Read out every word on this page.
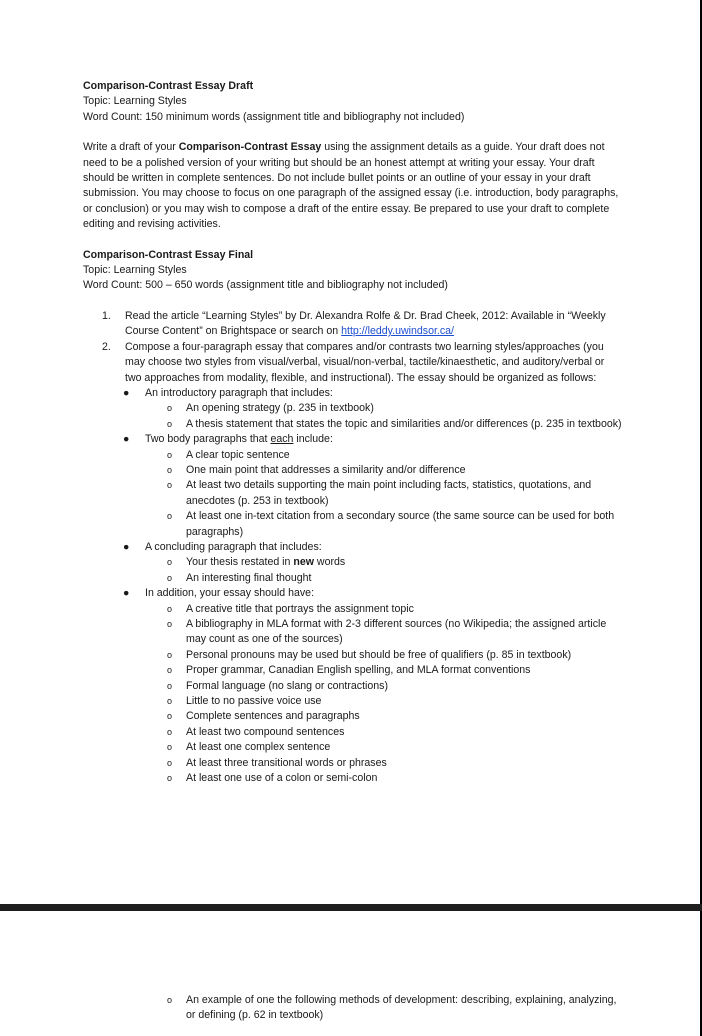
Comparison-Contrast Essay Draft
Topic: Learning Styles
Word Count: 150 minimum words (assignment title and bibliography not included)

Write a draft of your Comparison-Contrast Essay using the assignment details as a guide. Your draft does not need to be a polished version of your writing but should be an honest attempt at writing your essay. Your draft should be written in complete sentences. Do not include bullet points or an outline of your essay in your draft submission. You may choose to focus on one paragraph of the assigned essay (i.e. introduction, body paragraphs, or conclusion) or you may wish to compose a draft of the entire essay. Be prepared to use your draft to complete editing and revising activities.

Comparison-Contrast Essay Final
Topic: Learning Styles
Word Count: 500 – 650 words (assignment title and bibliography not included)
1. Read the article “Learning Styles” by Dr. Alexandra Rolfe & Dr. Brad Cheek, 2012: Available in “Weekly Course Content” on Brightspace or search on http://leddy.uwindsor.ca/
2. Compose a four-paragraph essay that compares and/or contrasts two learning styles/approaches (you may choose two styles from visual/verbal, visual/non-verbal, tactile/kinaesthetic, and auditory/verbal or two approaches from modality, flexible, and instructional). The essay should be organized as follows:
● An introductory paragraph that includes:
o An opening strategy (p. 235 in textbook)
o A thesis statement that states the topic and similarities and/or differences (p. 235 in textbook)
● Two body paragraphs that each include:
o A clear topic sentence
o One main point that addresses a similarity and/or difference
o At least two details supporting the main point including facts, statistics, quotations, and anecdotes (p. 253 in textbook)
o At least one in-text citation from a secondary source (the same source can be used for both paragraphs)
● A concluding paragraph that includes:
o Your thesis restated in new words
o An interesting final thought
● In addition, your essay should have:
o A creative title that portrays the assignment topic
o A bibliography in MLA format with 2-3 different sources (no Wikipedia; the assigned article may count as one of the sources)
o Personal pronouns may be used but should be free of qualifiers (p. 85 in textbook)
o Proper grammar, Canadian English spelling, and MLA format conventions
o Formal language (no slang or contractions)
o Little to no passive voice use
o Complete sentences and paragraphs
o At least two compound sentences
o At least one complex sentence
o At least three transitional words or phrases
o At least one use of a colon or semi-colon
o An example of one the following methods of development: describing, explaining, analyzing, or defining (p. 62 in textbook)
